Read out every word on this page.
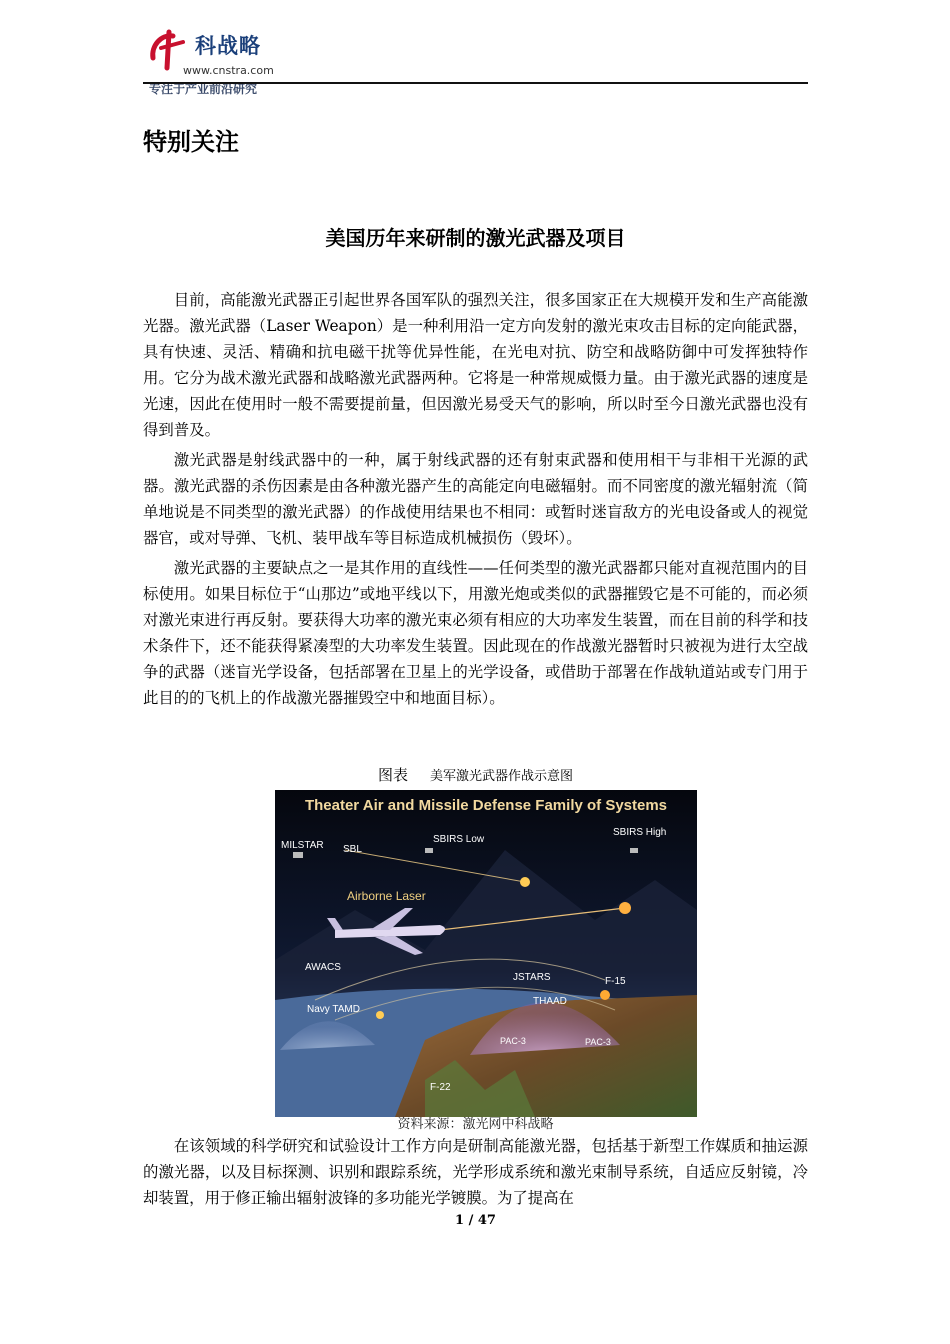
科战略
www.cnstra.com
专注于产业前沿研究
特别关注
美国历年来研制的激光武器及项目

目前，高能激光武器正引起世界各国军队的强烈关注，很多国家正在大规模开发和生产高能激光器。激光武器（Laser Weapon）是一种利用沿一定方向发射的激光束攻击目标的定向能武器，具有快速、灵活、精确和抗电磁干扰等优异性能，在光电对抗、防空和战略防御中可发挥独特作用。它分为战术激光武器和战略激光武器两种。它将是一种常规威慑力量。由于激光武器的速度是光速，因此在使用时一般不需要提前量，但因激光易受天气的影响，所以时至今日激光武器也没有得到普及。

激光武器是射线武器中的一种，属于射线武器的还有射束武器和使用相干与非相干光源的武器。激光武器的杀伤因素是由各种激光器产生的高能定向电磁辐射。而不同密度的激光辐射流（简单地说是不同类型的激光武器）的作战使用结果也不相同：或暂时迷盲敌方的光电设备或人的视觉器官，或对导弹、飞机、装甲战车等目标造成机械损伤（毁坏）。

激光武器的主要缺点之一是其作用的直线性——任何类型的激光武器都只能对直视范围内的目标使用。如果目标位于“山那边”或地平线以下，用激光炮或类似的武器摧毁它是不可能的，而必须对激光束进行再反射。要获得大功率的激光束必须有相应的大功率发生装置，而在目前的科学和技术条件下，还不能获得紧凑型的大功率发生装置。因此现在的作战激光器暂时只被视为进行太空战争的武器（迷盲光学设备，包括部署在卫星上的光学设备，或借助于部署在作战轨道站或专门用于此目的的飞机上的作战激光器摧毁空中和地面目标）。

图表 美军激光武器作战示意图
Theater Air and Missile Defense Family of Systems
MILSTAR SBL
SBIRS Low
SBIRS High
Airborne Laser
AWACS
JSTARS	F-15
THAAD
Navy TAMD
PAC-3	PAC-3
F-22
资料来源：激光网中科战略

在该领域的科学研究和试验设计工作方向是研制高能激光器，包括基于新型工作媒质和抽运源的激光器，以及目标探测、识别和跟踪系统，光学形成系统和激光束制导系统，自适应反射镜，冷却装置，用于修正输出辐射波锋的多功能光学镀膜。为了提高在

1 / 47
